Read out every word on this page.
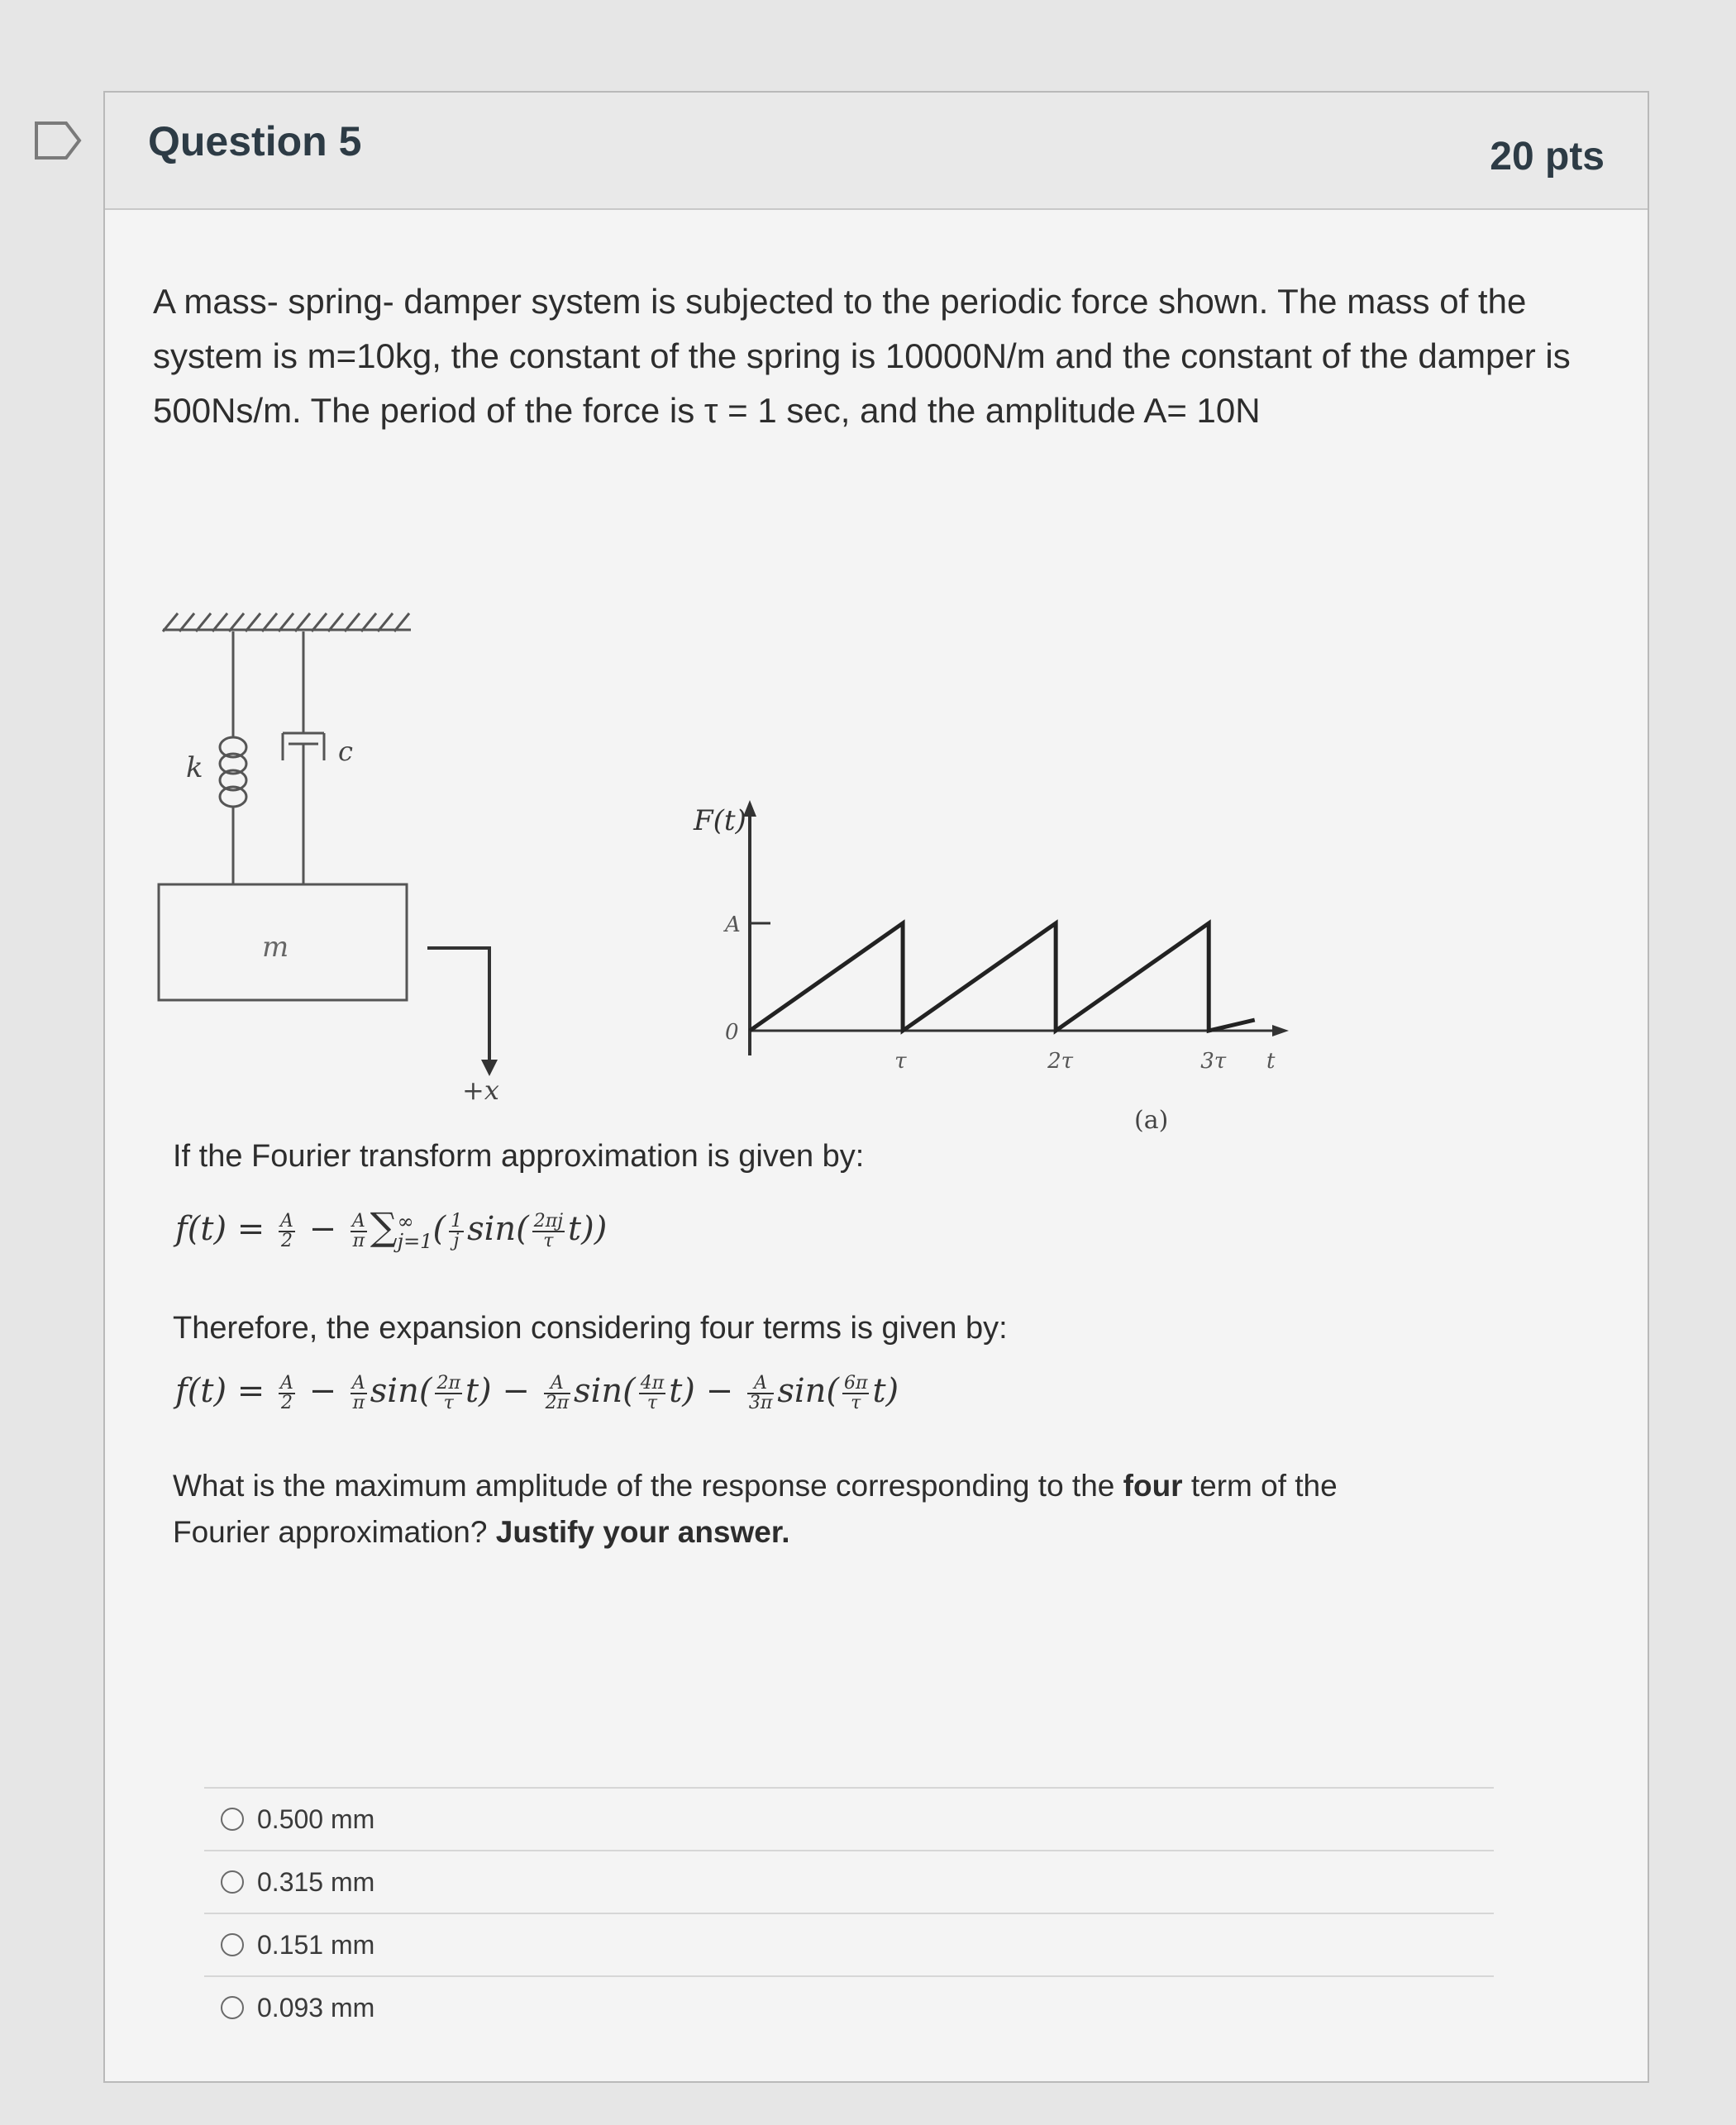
Question 5	20 pts
A mass- spring- damper system is subjected to the periodic force shown. The mass of the
system is m=10kg, the constant of the spring is 10000N/m and the constant of the damper is
500Ns/m. The period of the force is τ = 1 sec, and the amplitude A= 10N
k	c
m
+x
0
A
τ	2τ	3τ t
F(t)
(a)
If the Fourier transform approximation is given by:
$f(t) = \frac{A}{2} - \frac{A}{\pi}$ ∑ ∞
j=1 ( $\frac{1}{j} \sin( \frac{2\pi j}{\tau} t)$)
Therefore, the expansion considering four terms is given by:
$f(t) = \frac{A}{2} - \frac{A}{\pi} \sin( \frac{2\pi}{\tau} t) - \frac{A}{2\pi} \sin( \frac{4\pi}{\tau} t) - \frac{A}{3\pi} \sin( \frac{6\pi}{\tau} t)$
What is the maximum amplitude of the response corresponding to the four term of the
Fourier approximation? Justify your answer.
0.500 mm
0.315 mm
0.151 mm
0.093 mm
